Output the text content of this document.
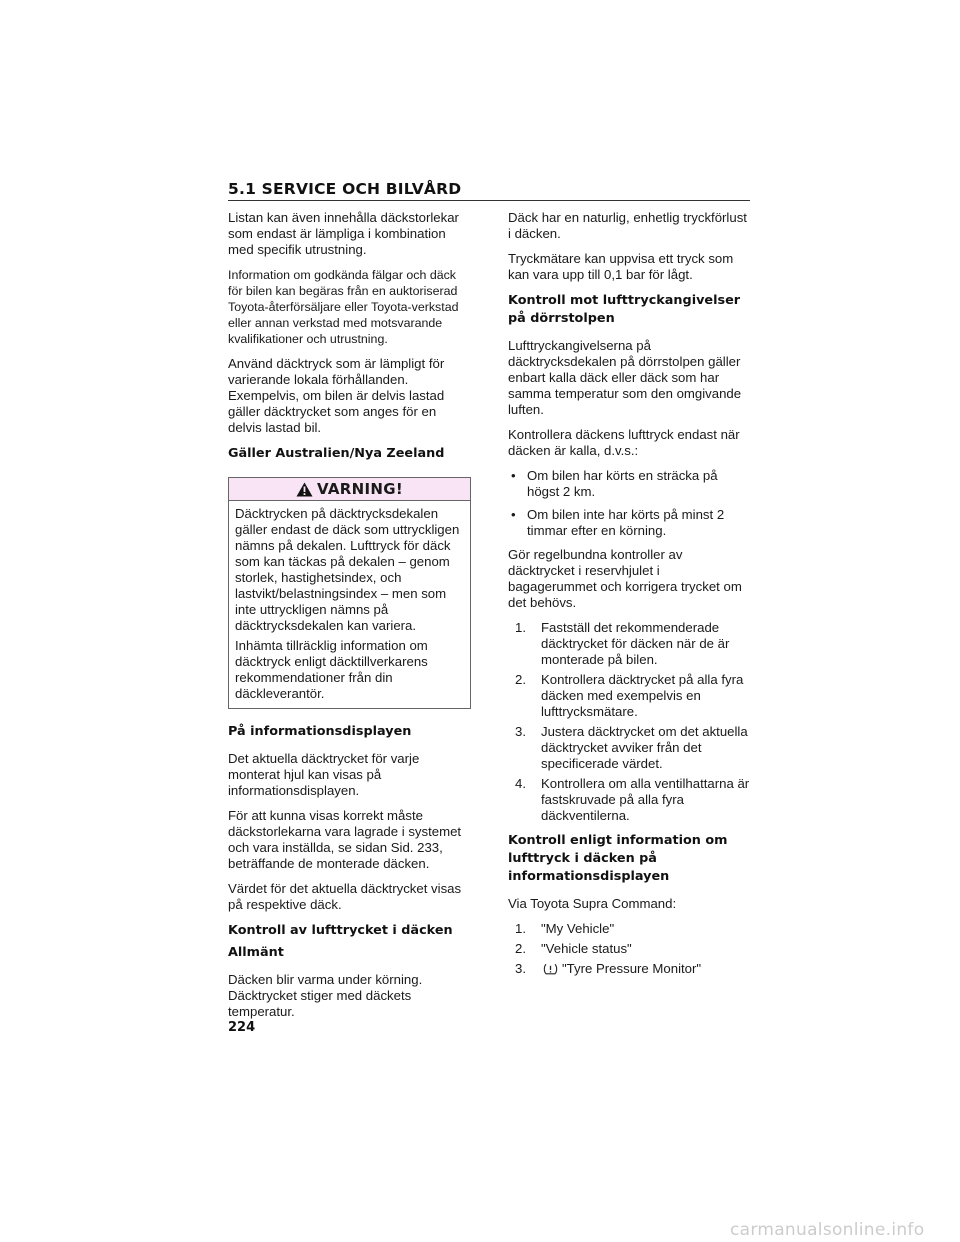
5.1 SERVICE OCH BILVÅRD

Listan kan även innehålla däckstorlekar som endast är lämpliga i kombination med specifik utrustning.

Information om godkända fälgar och däck för bilen kan begäras från en auktoriserad Toyota-återförsäljare eller Toyota-verkstad eller annan verkstad med motsvarande kvalifikationer och utrustning.

Använd däcktryck som är lämpligt för varierande lokala förhållanden. Exempelvis, om bilen är delvis lastad gäller däcktrycket som anges för en delvis lastad bil.

Gäller Australien/Nya Zeeland
VARNING!

Däcktrycken på däcktrycksdekalen gäller endast de däck som uttryckligen nämns på dekalen. Lufttryck för däck som kan täckas på dekalen – genom storlek, hastighetsindex, och lastvikt/belastningsindex – men som inte uttryckligen nämns på däcktrycksdekalen kan variera.

Inhämta tillräcklig information om däcktryck enligt däcktillverkarens rekommendationer från din däckleverantör.

På informationsdisplayen

Det aktuella däcktrycket för varje monterat hjul kan visas på informationsdisplayen.

För att kunna visas korrekt måste däckstorlekarna vara lagrade i systemet och vara inställda, se sidan Sid. 233, beträffande de monterade däcken.

Värdet för det aktuella däcktrycket visas på respektive däck.

Kontroll av lufttrycket i däcken
Allmänt

Däcken blir varma under körning. Däcktrycket stiger med däckets temperatur.

Däck har en naturlig, enhetlig tryckförlust i däcken.

Tryckmätare kan uppvisa ett tryck som kan vara upp till 0,1 bar för lågt.

Kontroll mot lufttryckangivelser på dörrstolpen

Lufttryckangivelserna på däcktrycksdekalen på dörrstolpen gäller enbart kalla däck eller däck som har samma temperatur som den omgivande luften.

Kontrollera däckens lufttryck endast när däcken är kalla, d.v.s.:

• Om bilen har körts en sträcka på högst 2 km.
• Om bilen inte har körts på minst 2 timmar efter en körning.

Gör regelbundna kontroller av däcktrycket i reservhjulet i bagagerummet och korrigera trycket om det behövs.

1. Fastställ det rekommenderade däcktrycket för däcken när de är monterade på bilen.
2. Kontrollera däcktrycket på alla fyra däcken med exempelvis en lufttrycksmätare.
3. Justera däcktrycket om det aktuella däcktrycket avviker från det specificerade värdet.
4. Kontrollera om alla ventilhattarna är fastskruvade på alla fyra däckventilerna.
Kontroll enligt information om lufttryck i däcken på informationsdisplayen

Via Toyota Supra Command:

1. "My Vehicle"
2. "Vehicle status"
3.	"Tyre Pressure Monitor"
224
carmanualsonline.info
